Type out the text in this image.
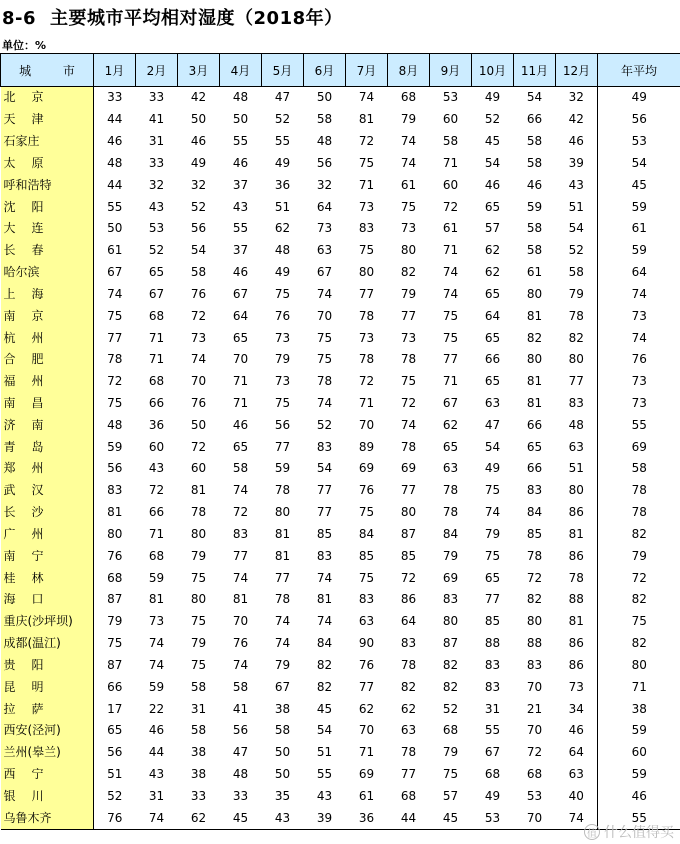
8-6 主要城市平均相对湿度（2018年）
单位：%
城 市	1月	2月	3月	4月	5月	6月	7月	8月	9月	10月	11月	12月	年平均
北京	33	33	42	48	47	50	74	68	53	49	54	32	49
天津	44	41	50	50	52	58	81	79	60	52	66	42	56
石家庄	46	31	46	55	55	48	72	74	58	45	58	46	53
太原	48	33	49	46	49	56	75	74	71	54	58	39	54
呼和浩特	44	32	32	37	36	32	71	61	60	46	46	43	45
沈阳	55	43	52	43	51	64	73	75	72	65	59	51	59
大连	50	53	56	55	62	73	83	73	61	57	58	54	61
长春	61	52	54	37	48	63	75	80	71	62	58	52	59
哈尔滨	67	65	58	46	49	67	80	82	74	62	61	58	64
上海	74	67	76	67	75	74	77	79	74	65	80	79	74
南京	75	68	72	64	76	70	78	77	75	64	81	78	73
杭州	77	71	73	65	73	75	73	73	75	65	82	82	74
合肥	78	71	74	70	79	75	78	78	77	66	80	80	76
福州	72	68	70	71	73	78	72	75	71	65	81	77	73
南昌	75	66	76	71	75	74	71	72	67	63	81	83	73
济南	48	36	50	46	56	52	70	74	62	47	66	48	55
青岛	59	60	72	65	77	83	89	78	65	54	65	63	69
郑州	56	43	60	58	59	54	69	69	63	49	66	51	58
武汉	83	72	81	74	78	77	76	77	78	75	83	80	78
长沙	81	66	78	72	80	77	75	80	78	74	84	86	78
广州	80	71	80	83	81	85	84	87	84	79	85	81	82
南宁	76	68	79	77	81	83	85	85	79	75	78	86	79
桂林	68	59	75	74	77	74	75	72	69	65	72	78	72
海口	87	81	80	81	78	81	83	86	83	77	82	88	82
重庆(沙坪坝)	79	73	75	70	74	74	63	64	80	85	80	81	75
成都(温江)	75	74	79	76	74	84	90	83	87	88	88	86	82
贵阳	87	74	75	74	79	82	76	78	82	83	83	86	80
昆明	66	59	58	58	67	82	77	82	82	83	70	73	71
拉萨	17	22	31	41	38	45	62	62	52	31	21	34	38
西安(泾河)	65	46	58	56	58	54	70	63	68	55	70	46	59
兰州(皋兰)	56	44	38	47	50	51	71	78	79	67	72	64	60
西宁	51	43	38	48	50	55	69	77	75	68	68	63	59
银川	52	31	33	33	35	43	61	68	57	49	53	40	46
乌鲁木齐	76	74	62	45	43	39	36	44	45	53	70	74	55
值 什么值得买
